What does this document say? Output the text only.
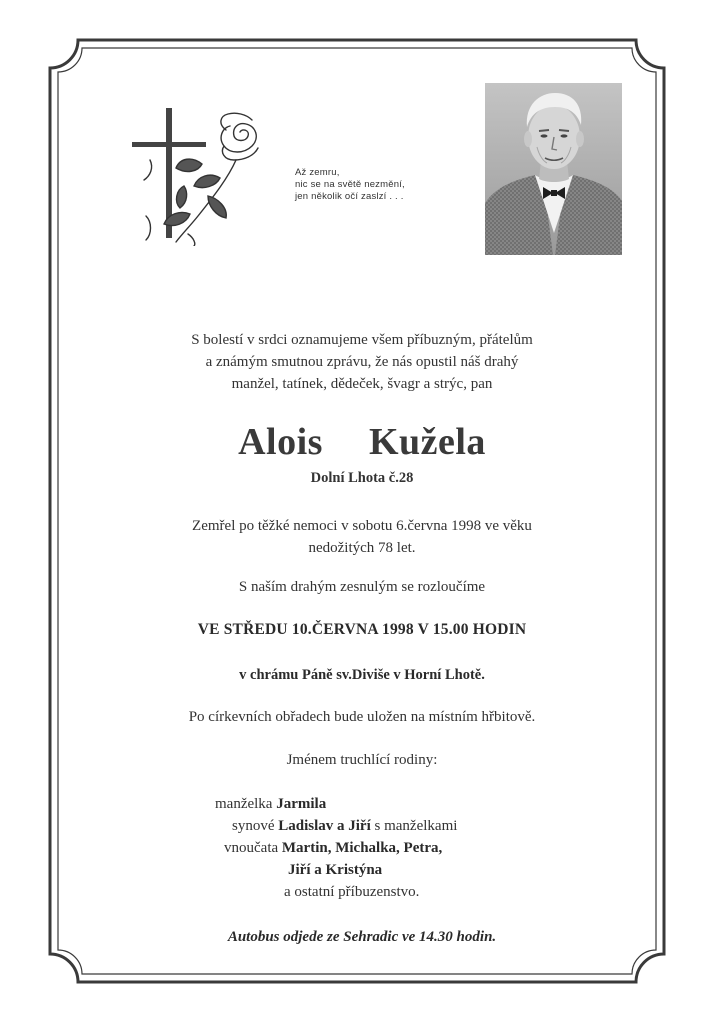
Až zemru,
nic se na světě nezmění,
jen několik očí zaslzí . . .
S bolestí v srdci oznamujeme všem příbuzným, přátelům
a známým smutnou zprávu, že nás opustil náš drahý
manžel, tatínek, dědeček, švagr a strýc, pan
Alois Kužela
Dolní Lhota č.28
Zemřel po těžké nemoci v sobotu 6.června 1998 ve věku
nedožitých 78 let.
S naším drahým zesnulým se rozloučíme
VE STŘEDU 10.ČERVNA 1998 V 15.00 HODIN
v chrámu Páně sv.Diviše v Horní Lhotě.
Po církevních obřadech bude uložen na místním hřbitově.
Jménem truchlící rodiny:
manželka Jarmila
synové Ladislav a Jiří s manželkami
vnoučata Martin, Michalka, Petra,
Jiří a Kristýna
a ostatní příbuzenstvo.
Autobus odjede ze Sehradic ve 14.30 hodin.
